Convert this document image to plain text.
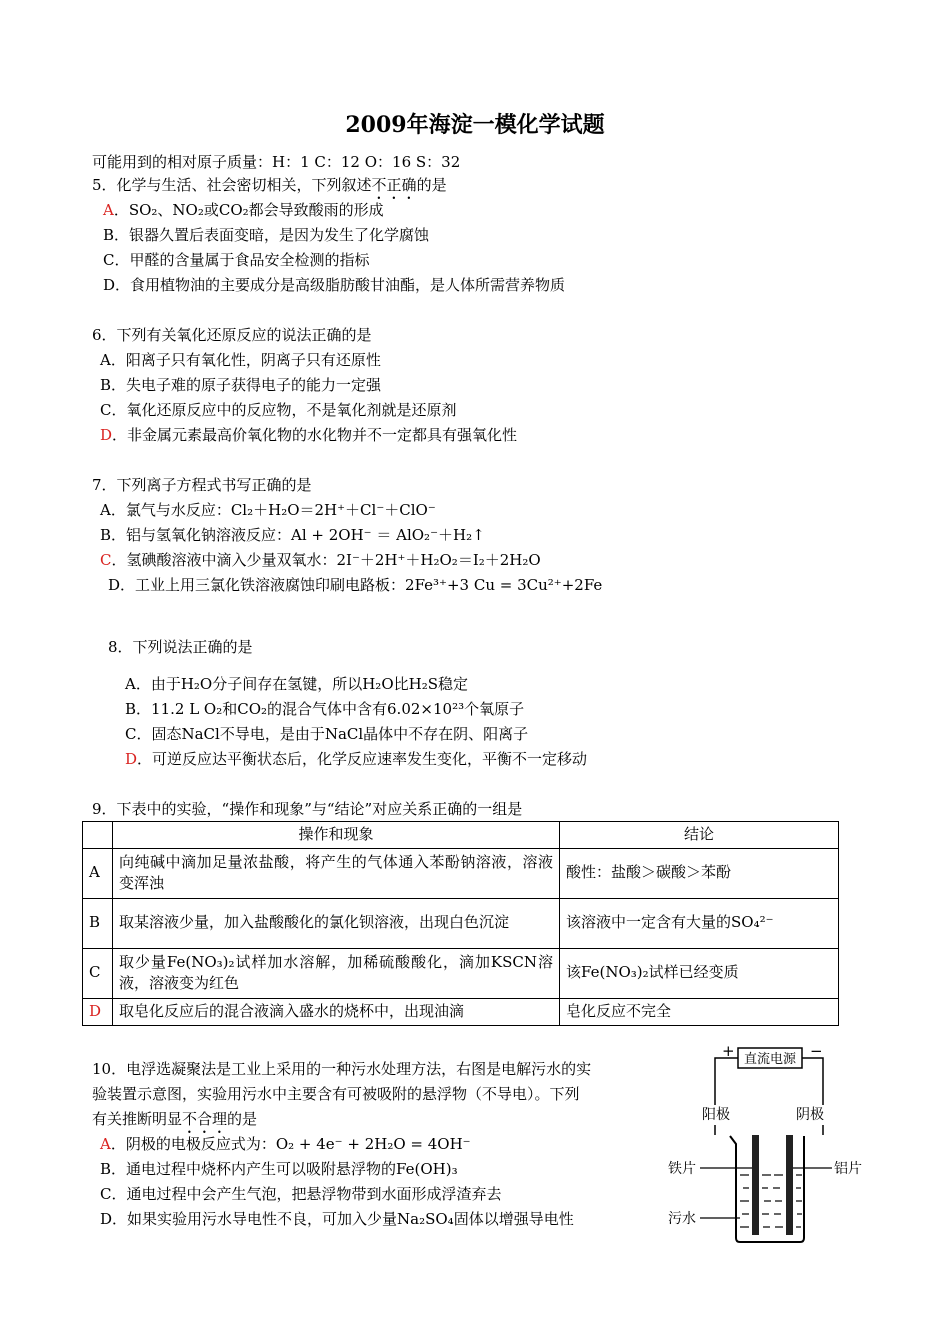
2009年海淀一模化学试题
可能用到的相对原子质量：H：1 C：12 O：16 S：32
5．化学与生活、社会密切相关，下列叙述不正确的是
A．SO₂、NO₂或CO₂都会导致酸雨的形成
B．银器久置后表面变暗，是因为发生了化学腐蚀
C．甲醛的含量属于食品安全检测的指标
D．食用植物油的主要成分是高级脂肪酸甘油酯，是人体所需营养物质
6．下列有关氧化还原反应的说法正确的是
A．阳离子只有氧化性，阴离子只有还原性
B．失电子难的原子获得电子的能力一定强
C．氧化还原反应中的反应物，不是氧化剂就是还原剂
D．非金属元素最高价氧化物的水化物并不一定都具有强氧化性
7．下列离子方程式书写正确的是
A．氯气与水反应：Cl₂＋H₂O＝2H⁺＋Cl⁻＋ClO⁻
B．铝与氢氧化钠溶液反应：Al + 2OH⁻ ＝ AlO₂⁻＋H₂↑
C．氢碘酸溶液中滴入少量双氧水：2I⁻＋2H⁺＋H₂O₂＝I₂＋2H₂O
D．工业上用三氯化铁溶液腐蚀印刷电路板：2Fe³⁺+3 Cu = 3Cu²⁺+2Fe
8．下列说法正确的是
A．由于H₂O分子间存在氢键，所以H₂O比H₂S稳定
B．11.2 L O₂和CO₂的混合气体中含有6.02×10²³个氧原子
C．固态NaCl不导电，是由于NaCl晶体中不存在阴、阳离子
D．可逆反应达平衡状态后，化学反应速率发生变化，平衡不一定移动
9．下表中的实验，“操作和现象”与“结论”对应关系正确的一组是
	操作和现象	结论
A	向纯碱中滴加足量浓盐酸，将产生的气体通入苯酚钠溶液，溶液变浑浊	酸性：盐酸＞碳酸＞苯酚
B	取某溶液少量，加入盐酸酸化的氯化钡溶液，出现白色沉淀	该溶液中一定含有大量的SO₄²⁻
C	取少量Fe(NO₃)₂试样加水溶解，加稀硫酸酸化，滴加KSCN溶液，溶液变为红色	该Fe(NO₃)₂试样已经变质
D	取皂化反应后的混合液滴入盛水的烧杯中，出现油滴	皂化反应不完全
10．电浮选凝聚法是工业上采用的一种污水处理方法，右图是电解污水的实
验装置示意图，实验用污水中主要含有可被吸附的悬浮物（不导电）。下列
有关推断明显不合理的是
A．阴极的电极反应式为：O₂ + 4e⁻ + 2H₂O = 4OH⁻
B．通电过程中烧杯内产生可以吸附悬浮物的Fe(OH)₃
C．通电过程中会产生气泡，把悬浮物带到水面形成浮渣弃去
D．如果实验用污水导电性不良，可加入少量Na₂SO₄固体以增强导电性
+	−
直流电源
阳极	阴极
铁片	铝片
污水
